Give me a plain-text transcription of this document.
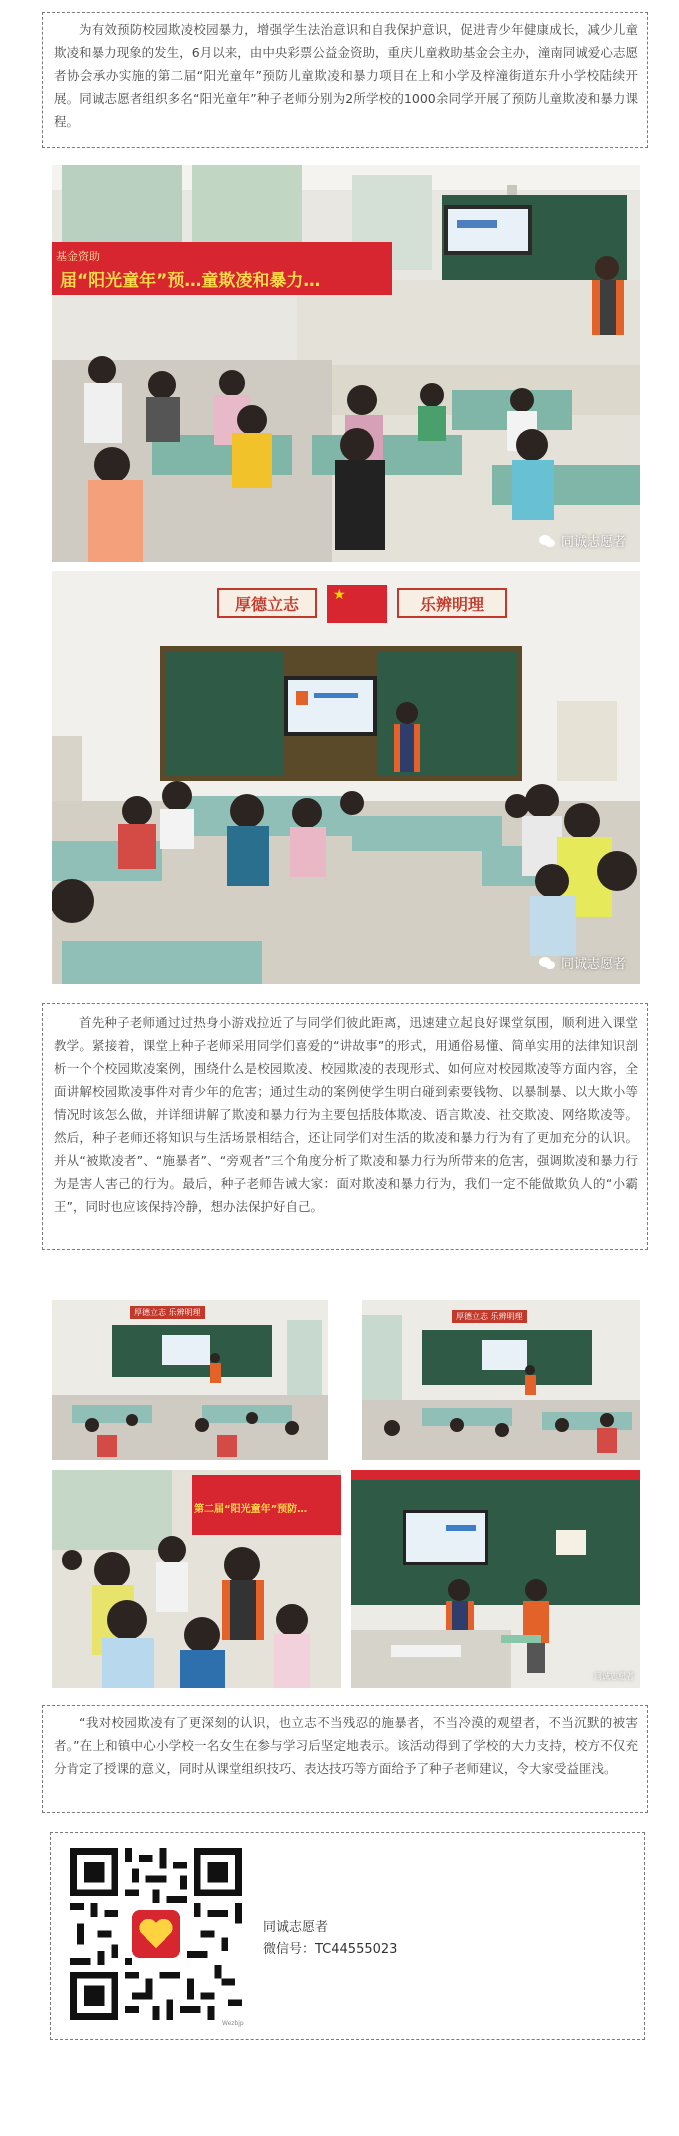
为有效预防校园欺凌校园暴力，增强学生法治意识和自我保护意识，促进青少年健康成长，减少儿童欺凌和暴力现象的发生，6月以来，由中央彩票公益金资助，重庆儿童救助基金会主办，潼南同诚爱心志愿者协会承办实施的第二届“阳光童年”预防儿童欺凌和暴力项目在上和小学及梓潼街道东升小学校陆续开展。同诚志愿者组织多名“阳光童年”种子老师分别为2所学校的1000余同学开展了预防儿童欺凌和暴力课程。

基金资助
届“阳光童年”预…童欺凌和暴力…
同诚志愿者
厚德立志	★	乐辨明理
同诚志愿者

首先种子老师通过过热身小游戏拉近了与同学们彼此距离，迅速建立起良好课堂氛围，顺利进入课堂教学。紧接着，课堂上种子老师采用同学们喜爱的“讲故事”的形式，用通俗易懂、简单实用的法律知识剖析一个个校园欺凌案例，围绕什么是校园欺凌、校园欺凌的表现形式、如何应对校园欺凌等方面内容，全面讲解校园欺凌事件对青少年的危害；通过生动的案例使学生明白碰到索要钱物、以暴制暴、以大欺小等情况时该怎么做，并详细讲解了欺凌和暴力行为主要包括肢体欺凌、语言欺凌、社交欺凌、网络欺凌等。然后，种子老师还将知识与生活场景相结合，还让同学们对生活的欺凌和暴力行为有了更加充分的认识。并从“被欺凌者”、“施暴者”、“旁观者”三个角度分析了欺凌和暴力行为所带来的危害，强调欺凌和暴力行为是害人害己的行为。最后，种子老师告诫大家：面对欺凌和暴力行为，我们一定不能做欺负人的“小霸王”，同时也应该保持冷静，想办法保护好自己。

厚德立志 乐辨明理	厚德立志 乐辨明理
第二届“阳光童年”预防…
同诚志愿者

“我对校园欺凌有了更深刻的认识，也立志不当残忍的施暴者，不当冷漠的观望者，不当沉默的被害者。”在上和镇中心小学校一名女生在参与学习后坚定地表示。该活动得到了学校的大力支持，校方不仅充分肯定了授课的意义，同时从课堂组织技巧、表达技巧等方面给予了种子老师建议，令大家受益匪浅。

Wezbjp
同诚志愿者
微信号：TC44555023
